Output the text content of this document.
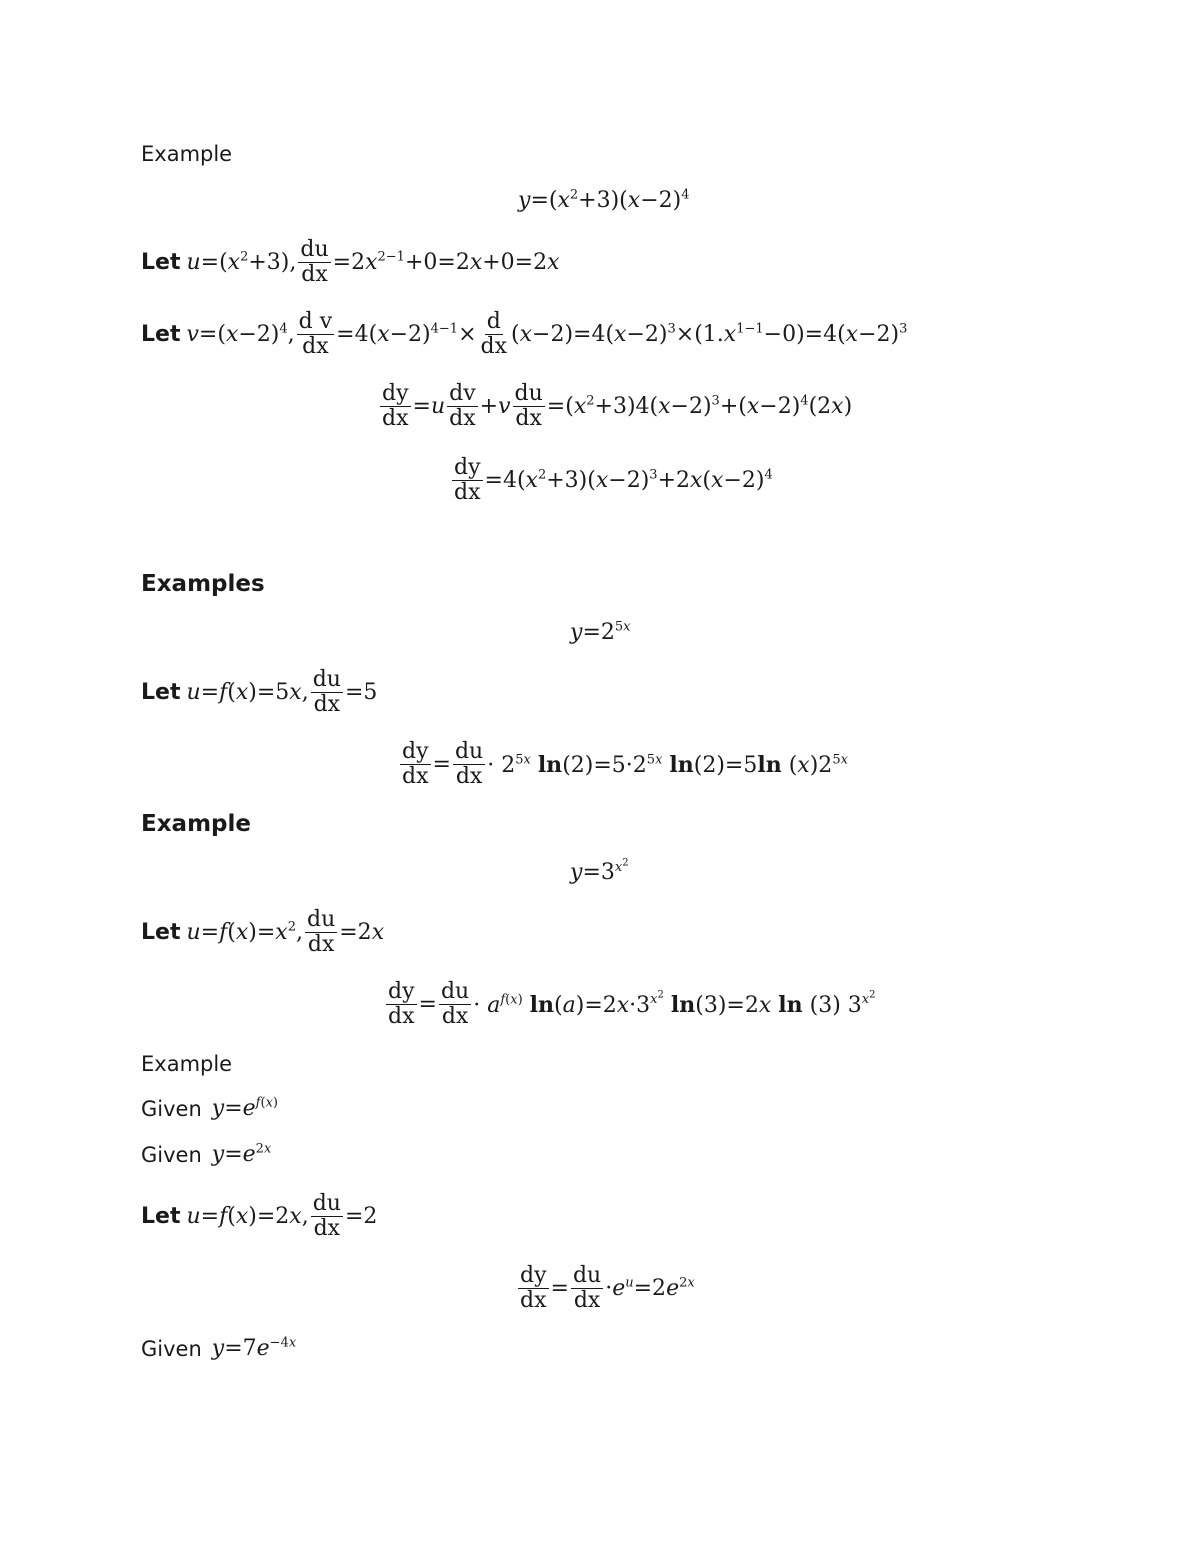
Example
$y=(x^2+3)(x-2)^4$
Let $u=(x^2+3)$, $\frac{du}{dx} =2x^{2-1}+0=2x+0=2x$
Let $v=(x-2)^4$, $\frac{\text{d v}}{dx} =4(x-2)^{4-1}\times \frac{d}{dx} (x-2)=4(x-2)^3\times(1.x^{1-1}-0)=4(x-2)^3$
$\frac{dy}{dx} =u \frac{dv}{dx} +v \frac{du}{dx} =(x^2+3)4(x-2)^3+(x-2)^4(2x)$
$\frac{dy}{dx} =4(x^2+3)(x-2)^3+2x(x-2)^4$
Examples
$y=2^{5x}$
Let u=f(x)=5x, $\frac{du}{dx} =5$
$\frac{dy}{dx} = \frac{du}{dx} \cdot 2^{5x}$ $\ln(2)=5\cdot 2^{5x}$ ln(2)=5ln $(x)2^{5x}$
Example
$y=3^{x^2}$
Let $u=f(x)=x^2$, $\frac{du}{dx} =2x$
$\frac{dy}{dx} = \frac{du}{dx} \cdot a^{f(x)}$ $\ln(a)=2x\cdot 3^{x^2}$ ln(3)=2x ln (3) $3^{x^2}$
Example
Given $y=e^{f(x)}$
Given $y=e^{2x}$
Let u=f(x)=2x, $\frac{du}{dx} =2$
$\frac{dy}{dx} = \frac{du}{dx} \cdot e^u=2e^{2x}$
Given $y=7e^{-4x}$
